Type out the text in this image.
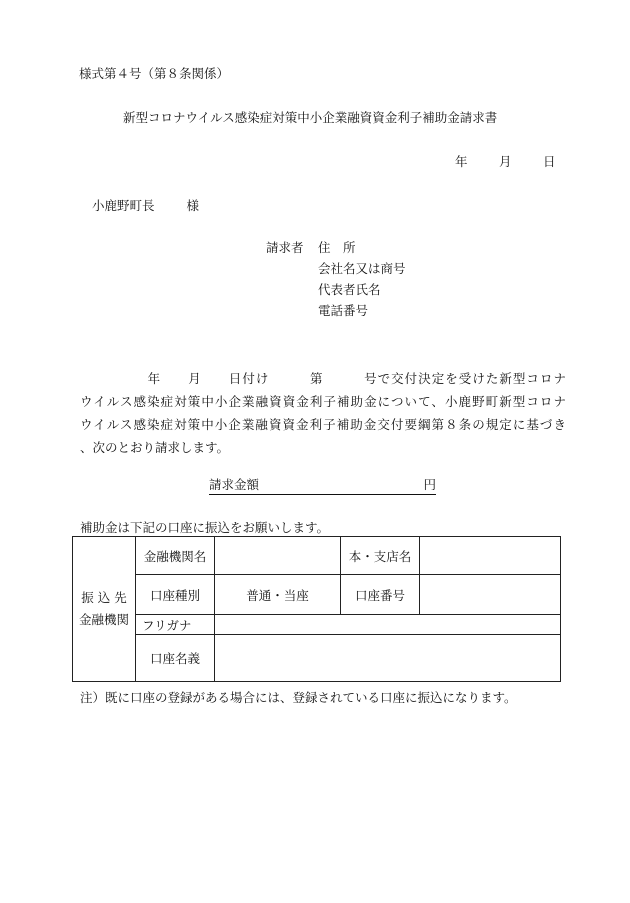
様式第４号（第８条関係）
新型コロナウイルス感染症対策中小企業融資資金利子補助金請求書
年	月	日
小鹿野町長	様
請求者	住　所
会社名又は商号
代表者氏名
電話番号
　　　　　年　　月　　日付け　　　第　　　号で交付決定を受けた新型コロナ
ウイルス感染症対策中小企業融資資金利子補助金について、小鹿野町新型コロナ
ウイルス感染症対策中小企業融資資金利子補助金交付要綱第８条の規定に基づき
、次のとおり請求します。
請求金額	円
補助金は下記の口座に振込をお願いします。
振 込 先
金融機関	金融機関名		本・支店名	
	口座種別	普通・当座	口座番号	
	フリガナ			
	口座名義			
注）既に口座の登録がある場合には、登録されている口座に振込になります。
